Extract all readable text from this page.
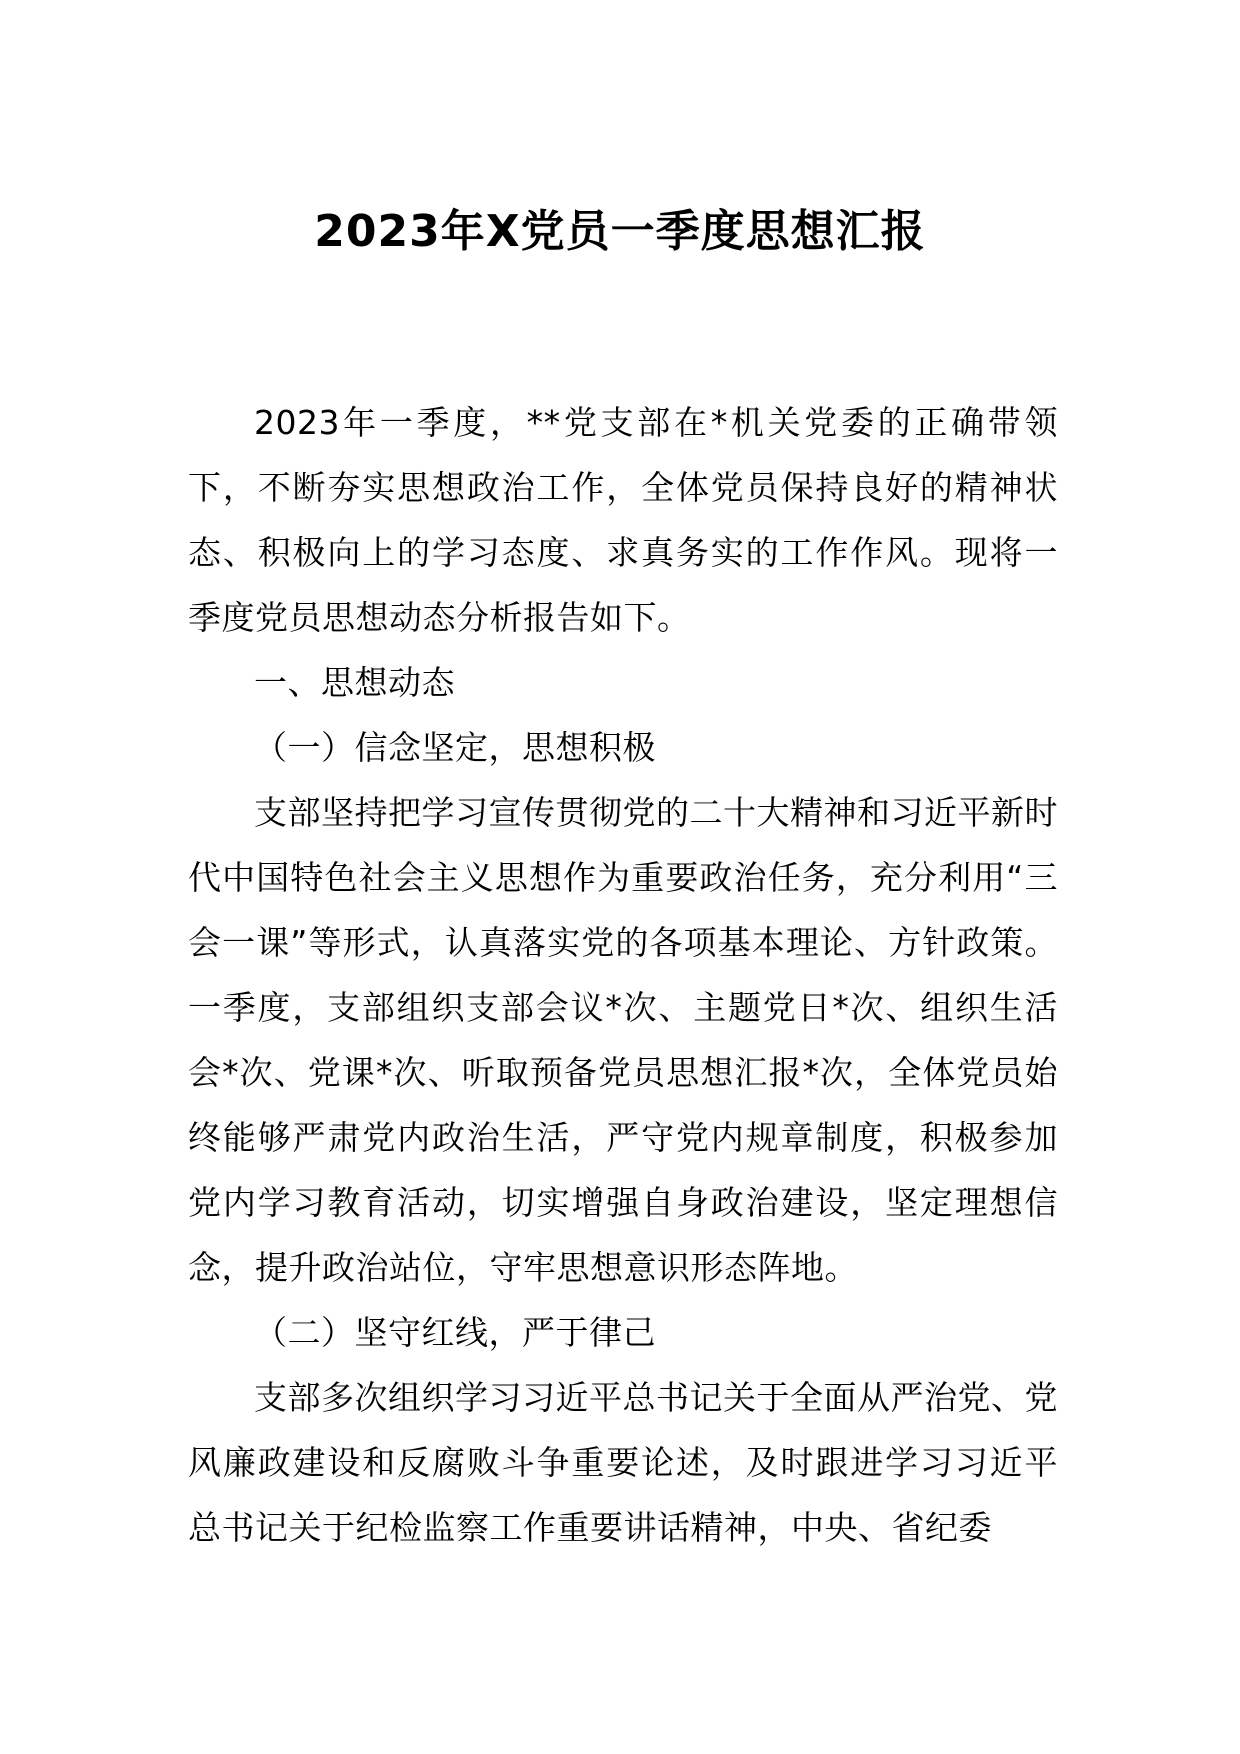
2023年X党员一季度思想汇报

2023年一季度，**党支部在*机关党委的正确带领下，不断夯实思想政治工作，全体党员保持良好的精神状态、积极向上的学习态度、求真务实的工作作风。现将一季度党员思想动态分析报告如下。

一、思想动态

（一）信念坚定，思想积极

支部坚持把学习宣传贯彻党的二十大精神和习近平新时代中国特色社会主义思想作为重要政治任务，充分利用“三会一课”等形式，认真落实党的各项基本理论、方针政策。一季度，支部组织支部会议*次、主题党日*次、组织生活会*次、党课*次、听取预备党员思想汇报*次，全体党员始终能够严肃党内政治生活，严守党内规章制度，积极参加党内学习教育活动，切实增强自身政治建设，坚定理想信念，提升政治站位，守牢思想意识形态阵地。

（二）坚守红线，严于律己

支部多次组织学习习近平总书记关于全面从严治党、党风廉政建设和反腐败斗争重要论述，及时跟进学习习近平总书记关于纪检监察工作重要讲话精神，中央、省纪委
